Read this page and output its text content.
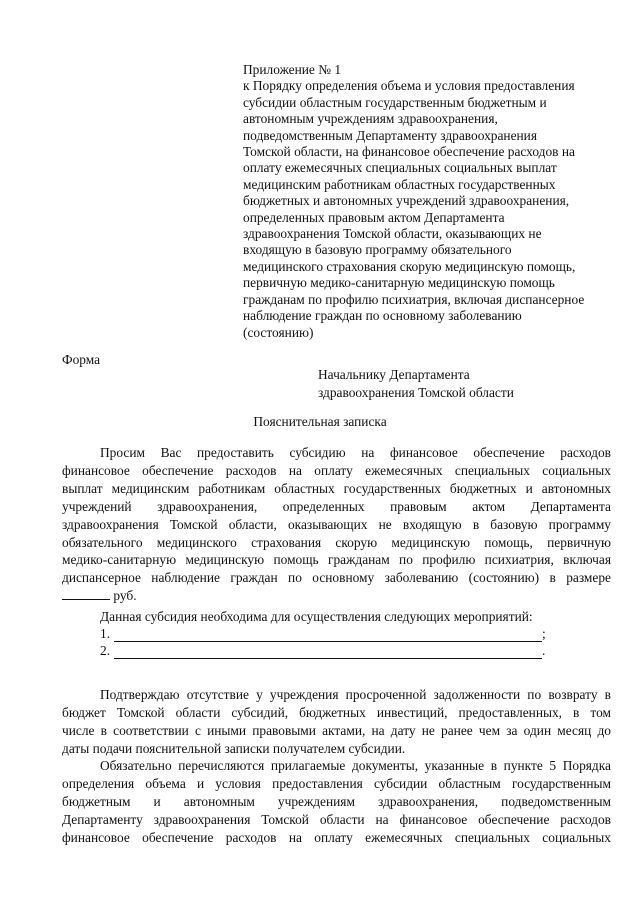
Приложение № 1
к Порядку определения объема и условия предоставления
субсидии областным государственным бюджетным и
автономным учреждениям здравоохранения,
подведомственным Департаменту здравоохранения
Томской области, на финансовое обеспечение расходов на
оплату ежемесячных специальных социальных выплат
медицинским работникам областных государственных
бюджетных и автономных учреждений здравоохранения,
определенных правовым актом Департамента
здравоохранения Томской области, оказывающих не
входящую в базовую программу обязательного
медицинского страхования скорую медицинскую помощь,
первичную медико-санитарную медицинскую помощь
гражданам по профилю психиатрия, включая диспансерное
наблюдение граждан по основному заболеванию
(состоянию)
Форма
Начальнику Департамента
здравоохранения Томской области
Пояснительная записка
Просим Вас предоставить субсидию на финансовое обеспечение расходов
финансовое обеспечение расходов на оплату ежемесячных специальных социальных
выплат медицинским работникам областных государственных бюджетных и автономных
учреждений здравоохранения, определенных правовым актом Департамента
здравоохранения Томской области, оказывающих не входящую в базовую программу
обязательного медицинского страхования скорую медицинскую помощь, первичную
медико-санитарную медицинскую помощь гражданам по профилю психиатрия, включая
диспансерное наблюдение граждан по основному заболеванию (состоянию) в размере
руб.
Данная субсидия необходима для осуществления следующих мероприятий:
1.	;
2.	.
Подтверждаю отсутствие у учреждения просроченной задолженности по возврату в
бюджет Томской области субсидий, бюджетных инвестиций, предоставленных, в том
числе в соответствии с иными правовыми актами, на дату не ранее чем за один месяц до
даты подачи пояснительной записки получателем субсидии.
Обязательно перечисляются прилагаемые документы, указанные в пункте 5 Порядка
определения объема и условия предоставления субсидии областным государственным
бюджетным и автономным учреждениям здравоохранения, подведомственным
Департаменту здравоохранения Томской области на финансовое обеспечение расходов
финансовое обеспечение расходов на оплату ежемесячных специальных социальных
